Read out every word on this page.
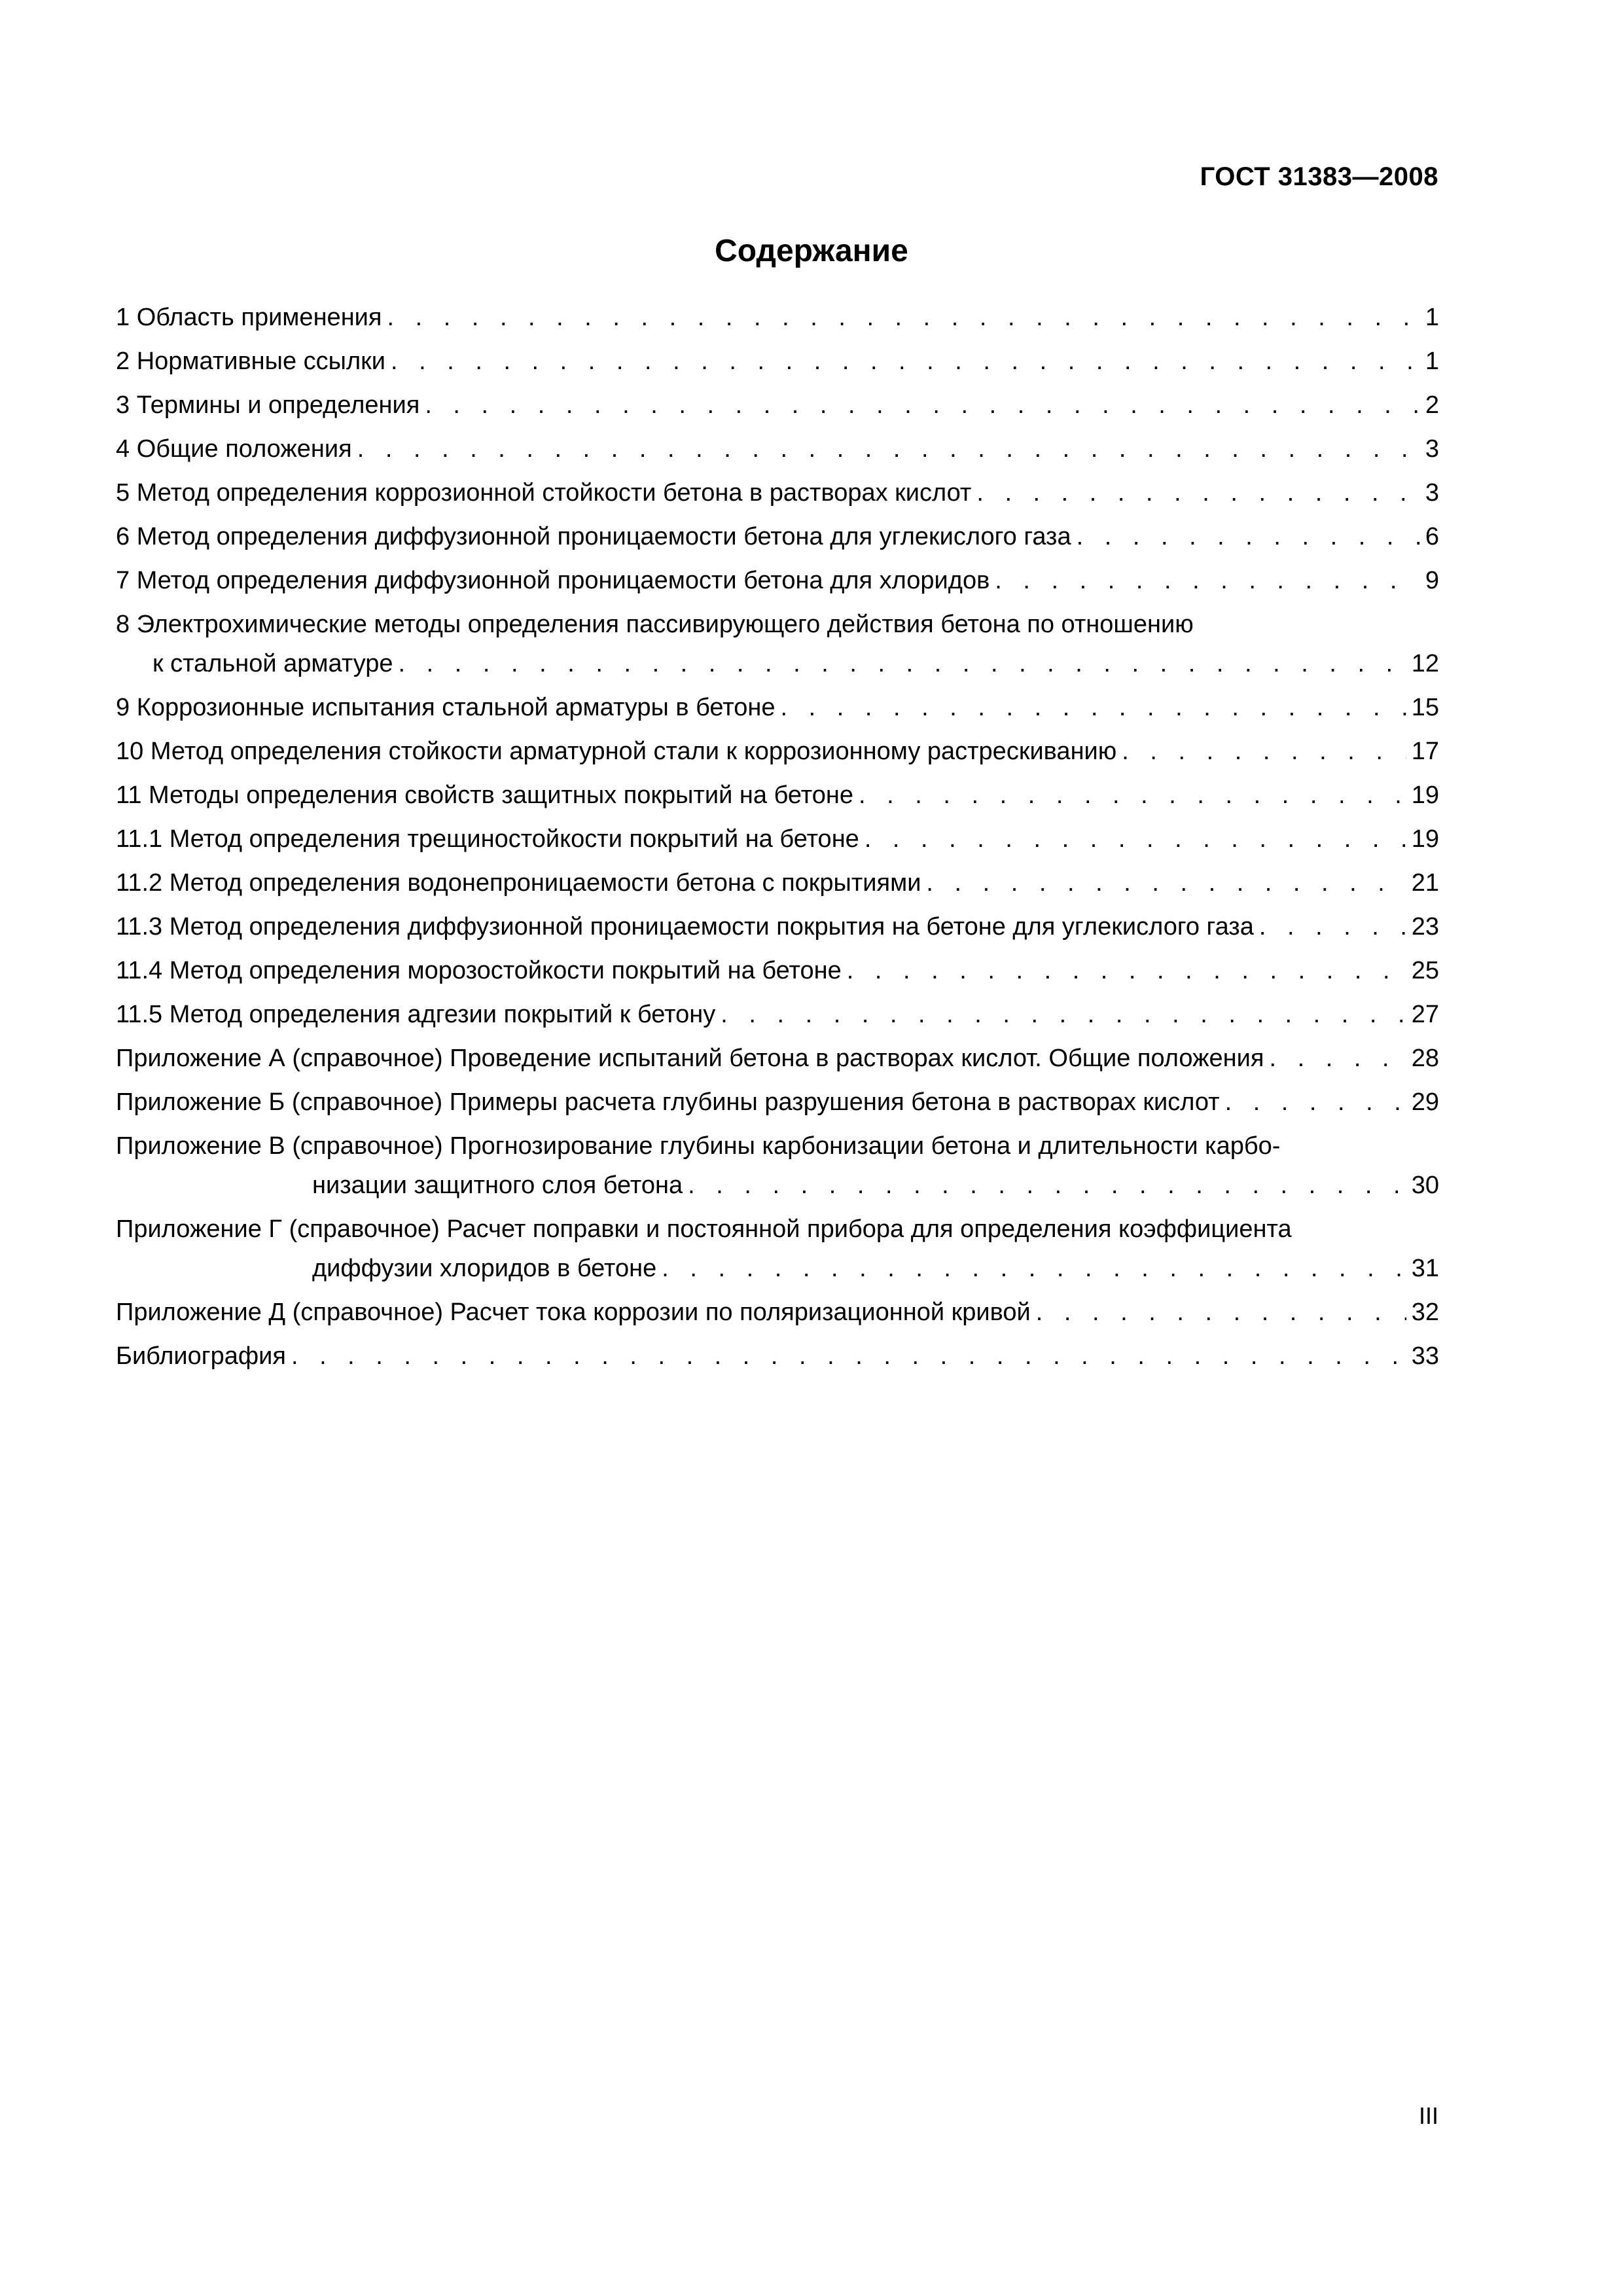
ГОСТ 31383—2008
Содержание
1 Область применения . . .	1
2 Нормативные ссылки . . .	1
3 Термины и определения . . .	2
4 Общие положения . . .	3
5 Метод определения коррозионной стойкости бетона в растворах кислот . . .	3
6 Метод определения диффузионной проницаемости бетона для углекислого газа . . .	6
7 Метод определения диффузионной проницаемости бетона для хлоридов . . .	9
8 Электрохимические методы определения пассивирующего действия бетона по отношению
к стальной арматуре . . .	12
9 Коррозионные испытания стальной арматуры в бетоне . . .	15
10 Метод определения стойкости арматурной стали к коррозионному растрескиванию . . .	17
11 Методы определения свойств защитных покрытий на бетоне . . .	19
11.1 Метод определения трещиностойкости покрытий на бетоне . . .	19
11.2 Метод определения водонепроницаемости бетона с покрытиями . . .	21
11.3 Метод определения диффузионной проницаемости покрытия на бетоне для углекислого газа . . .	23
11.4 Метод определения морозостойкости покрытий на бетоне . . .	25
11.5 Метод определения адгезии покрытий к бетону . . .	27
Приложение А (справочное) Проведение испытаний бетона в растворах кислот. Общие положения . . .	28
Приложение Б (справочное) Примеры расчета глубины разрушения бетона в растворах кислот . . .	29
Приложение В (справочное) Прогнозирование глубины карбонизации бетона и длительности карбо-
низации защитного слоя бетона . . .	30
Приложение Г (справочное) Расчет поправки и постоянной прибора для определения коэффициента
диффузии хлоридов в бетоне . . .	31
Приложение Д (справочное) Расчет тока коррозии по поляризационной кривой . . .	32
Библиография . . .	33
III
